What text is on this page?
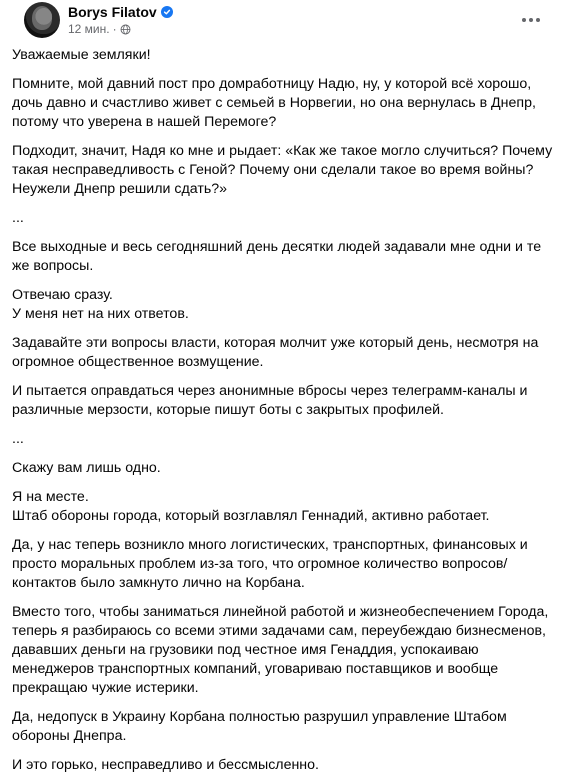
Borys Filatov
12 мин. ·

Уважаемые земляки!

Помните, мой давний пост про домработницу Надю, ну, у которой всё хорошо, дочь давно и счастливо живет с семьей в Норвегии, но она вернулась в Днепр, потому что уверена в нашей Перемоге?

Подходит, значит, Надя ко мне и рыдает: «Как же такое могло случиться? Почему такая несправедливость с Геной? Почему они сделали такое во время войны? Неужели Днепр решили сдать?»

...

Все выходные и весь сегодняшний день десятки людей задавали мне одни и те же вопросы.

Отвечаю сразу.
У меня нет на них ответов.

Задавайте эти вопросы власти, которая молчит уже который день, несмотря на огромное общественное возмущение.

И пытается оправдаться через анонимные вбросы через телеграмм-каналы и различные мерзости, которые пишут боты с закрытых профилей.

...

Скажу вам лишь одно.

Я на месте.
Штаб обороны города, который возглавлял Геннадий, активно работает.

Да, у нас теперь возникло много логистических, транспортных, финансовых и просто моральных проблем из-за того, что огромное количество вопросов/контактов было замкнуто лично на Корбана.

Вместо того, чтобы заниматься линейной работой и жизнеобеспечением Города, теперь я разбираюсь со всеми этими задачами сам, переубеждаю бизнесменов, дававших деньги на грузовики под честное имя Генаддия, успокаиваю менеджеров транспортных компаний, уговариваю поставщиков и вообще прекращаю чужие истерики.

Да, недопуск в Украину Корбана полностью разрушил управление Штабом обороны Днепра.

И это горько, несправедливо и бессмысленно.
